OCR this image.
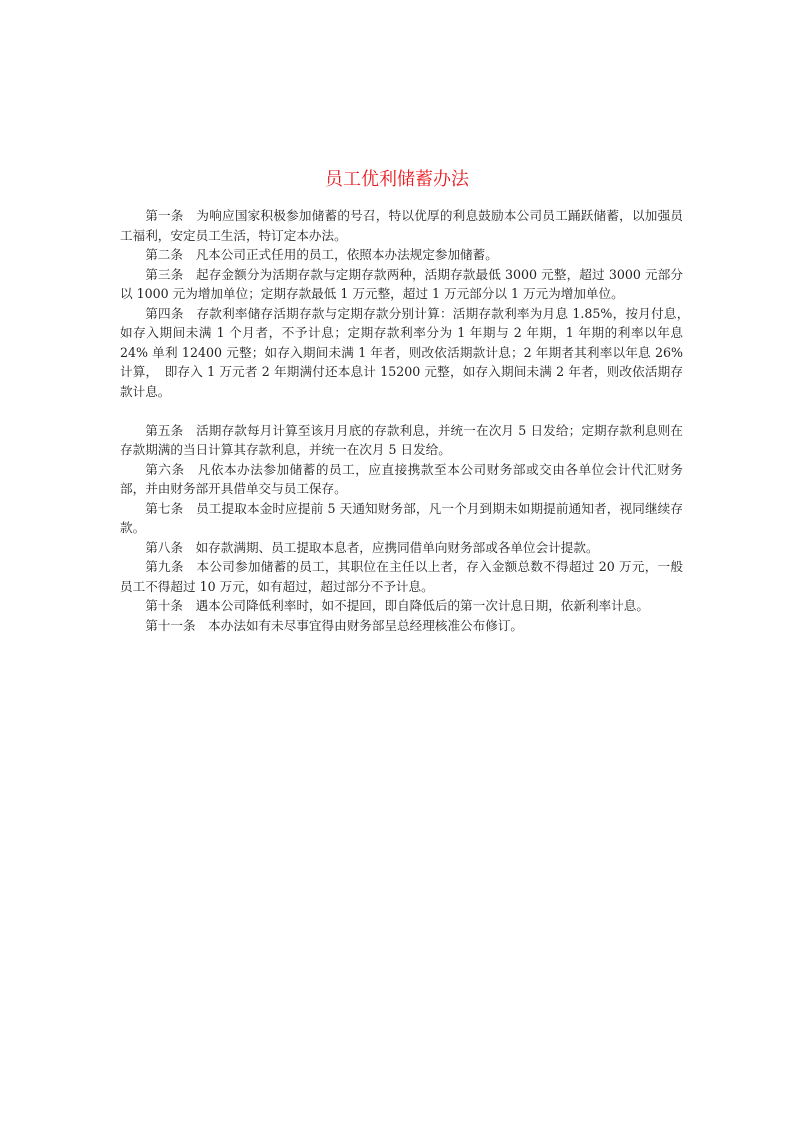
员工优利储蓄办法

第一条　为响应国家积极参加储蓄的号召，特以优厚的利息鼓励本公司员工踊跃储蓄，以加强员工福利，安定员工生活，特订定本办法。

第二条　凡本公司正式任用的员工，依照本办法规定参加储蓄。

第三条　起存金额分为活期存款与定期存款两种，活期存款最低 3000 元整，超过 3000 元部分以 1000 元为增加单位；定期存款最低 1 万元整，超过 1 万元部分以 1 万元为增加单位。

第四条　存款利率储存活期存款与定期存款分别计算：活期存款利率为月息 1.85%，按月付息，　如存入期间未满 1 个月者，不予计息；定期存款利率分为 1 年期与 2 年期，1 年期的利率以年息 24% 单利 12400 元整；如存入期间未满 1 年者，则改依活期款计息；2 年期者其利率以年息 26%计算，　即存入 1 万元者 2 年期满付还本息计 15200 元整，如存入期间未满 2 年者，则改依活期存款计息。

第五条　活期存款每月计算至该月月底的存款利息，并统一在次月 5 日发给；定期存款利息则在存款期满的当日计算其存款利息，并统一在次月 5 日发给。

第六条　凡依本办法参加储蓄的员工，应直接携款至本公司财务部或交由各单位会计代汇财务部，并由财务部开具借单交与员工保存。

第七条　员工提取本金时应提前 5 天通知财务部，凡一个月到期未如期提前通知者，视同继续存款。

第八条　如存款满期、员工提取本息者，应携同借单向财务部或各单位会计提款。

第九条　本公司参加储蓄的员工，其职位在主任以上者，存入金额总数不得超过 20 万元，一般员工不得超过 10 万元，如有超过，超过部分不予计息。

第十条　遇本公司降低利率时，如不提回，即自降低后的第一次计息日期，依新利率计息。

第十一条　本办法如有未尽事宜得由财务部呈总经理核准公布修订。
